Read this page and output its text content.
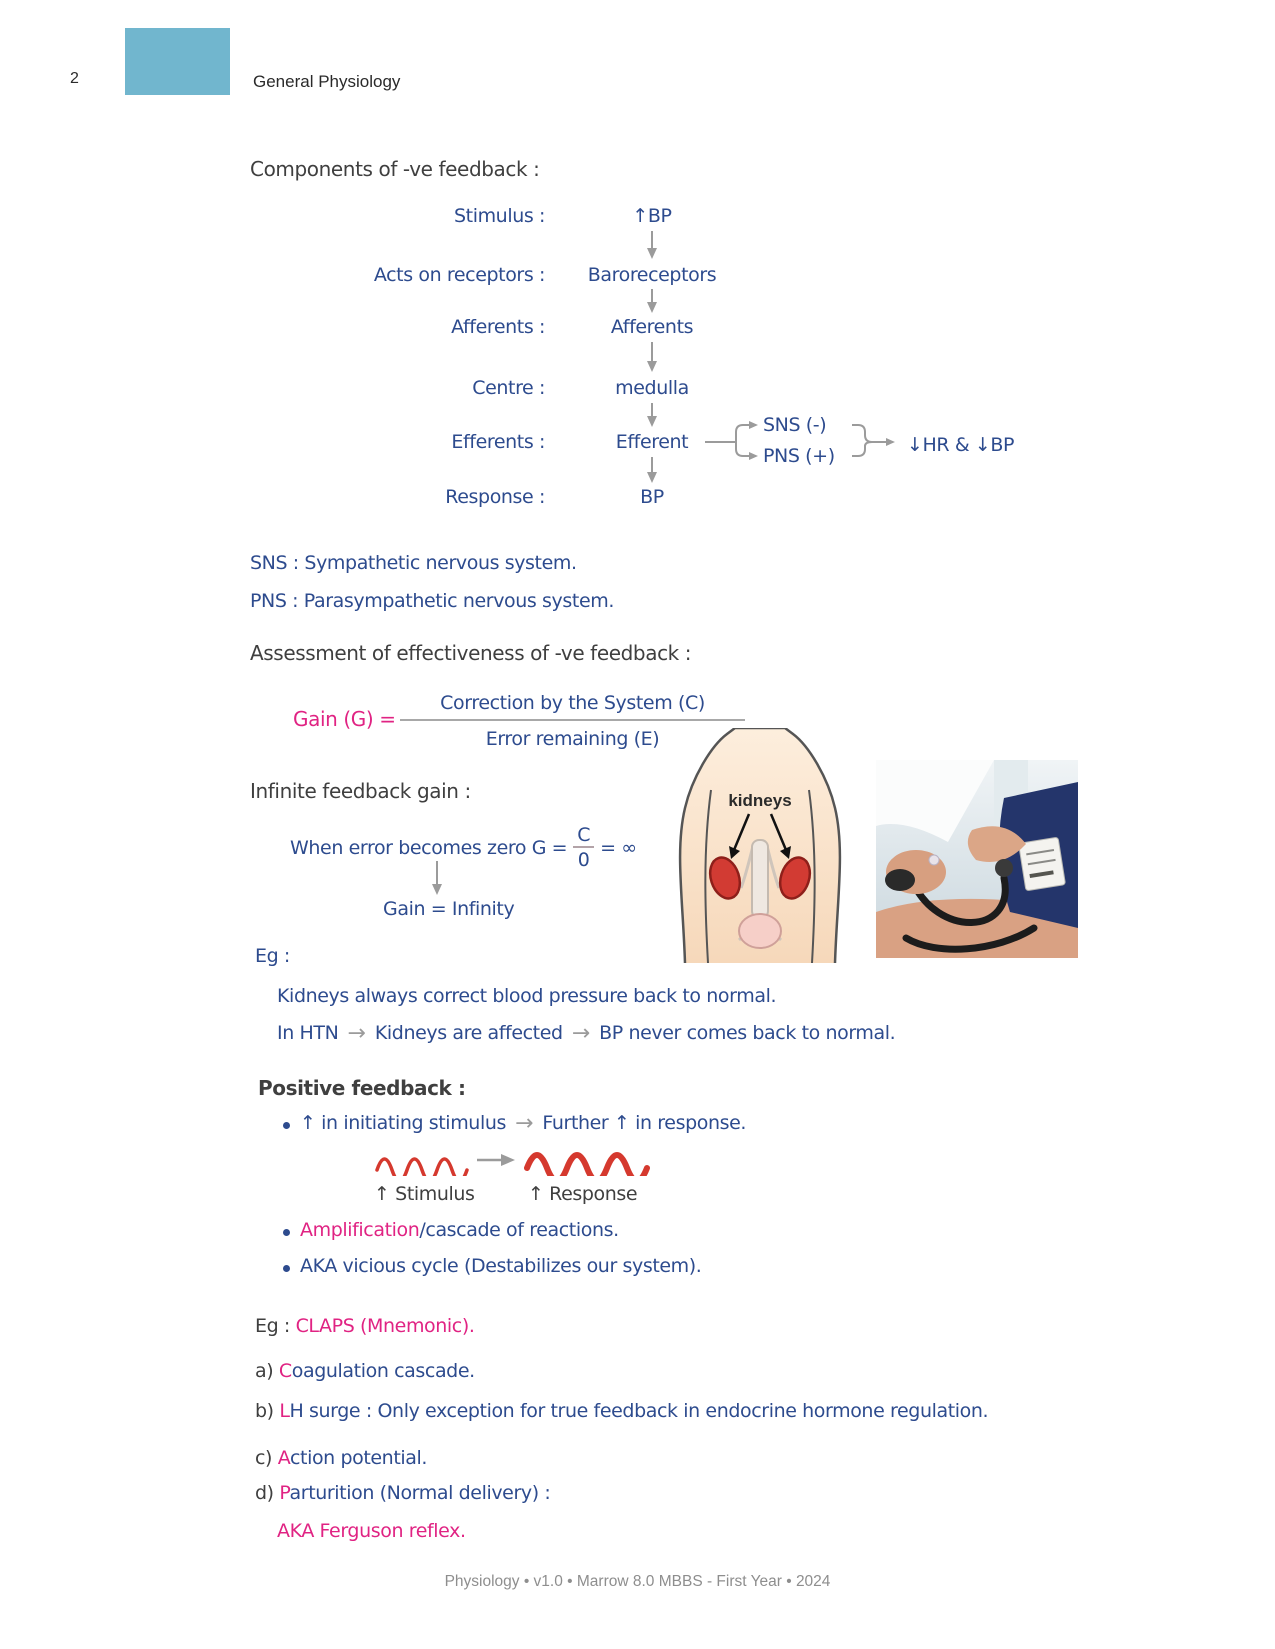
2	General Physiology
Components of -ve feedback :
Stimulus :	↑BP
Acts on receptors :	Baroreceptors
Afferents :	Afferents
Centre :	medulla
Efferents :	Efferent
Response :	BP
SNS (-)
PNS (+)	↓HR & ↓BP
SNS : Sympathetic nervous system.
PNS : Parasympathetic nervous system.
Assessment of effectiveness of -ve feedback :
Gain (G) =
Correction by the System (C)
Error remaining (E)
Infinite feedback gain :
When error becomes zero $G = \frac{C}{0}$ = ∞
Gain = Infinity
kidneys
Eg :
Kidneys always correct blood pressure back to normal.
In HTN → Kidneys are affected → BP never comes back to normal.
Positive feedback :
↑ in initiating stimulus → Further ↑ in response.
↑ Stimulus	↑ Response
Amplification/cascade of reactions.
AKA vicious cycle (Destabilizes our system).
Eg : CLAPS (Mnemonic).
a) Coagulation cascade.
b) LH surge : Only exception for true feedback in endocrine hormone regulation.
c) Action potential.
d) Parturition (Normal delivery) :
AKA Ferguson reflex.
Physiology • v1.0 • Marrow 8.0 MBBS - First Year • 2024
